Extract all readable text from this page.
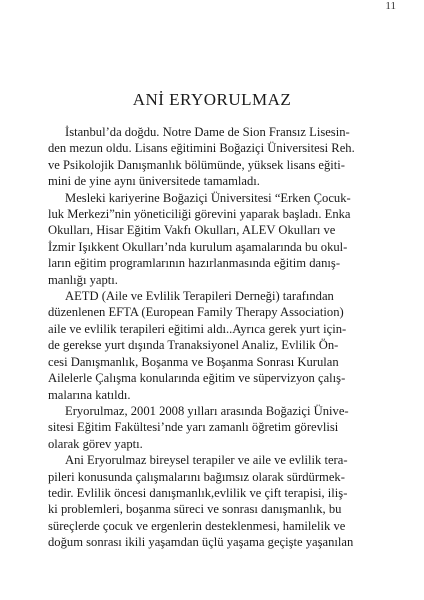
11
ANİ ERYORULMAZ
İstanbul’da doğdu. Notre Dame de Sion Fransız Lisesin-
den mezun oldu. Lisans eğitimini Boğaziçi Üniversitesi Reh.
ve Psikolojik Danışmanlık bölümünde, yüksek lisans eğiti-
mini de yine aynı üniversitede tamamladı.
Mesleki kariyerine Boğaziçi Üniversitesi “Erken Çocuk-
luk Merkezi”nin yöneticiliği görevini yaparak başladı. Enka
Okulları, Hisar Eğitim Vakfı Okulları, ALEV Okulları ve
İzmir Işıkkent Okulları’nda kurulum aşamalarında bu okul-
ların eğitim programlarının hazırlanmasında eğitim danış-
manlığı yaptı.
AETD (Aile ve Evlilik Terapileri Derneği) tarafından
düzenlenen EFTA (European Family Therapy Association)
aile ve evlilik terapileri eğitimi aldı..Ayrıca gerek yurt için-
de gerekse yurt dışında Tranaksiyonel Analiz, Evlilik Ön-
cesi Danışmanlık, Boşanma ve Boşanma Sonrası Kurulan
Ailelerle Çalışma konularında eğitim ve süpervizyon çalış-
malarına katıldı.
Eryorulmaz, 2001 2008 yılları arasında Boğaziçi Ünive-
sitesi Eğitim Fakültesi’nde yarı zamanlı öğretim görevlisi
olarak görev yaptı.
Ani Eryorulmaz bireysel terapiler ve aile ve evlilik tera-
pileri konusunda çalışmalarını bağımsız olarak sürdürmek-
tedir. Evlilik öncesi danışmanlık,evlilik ve çift terapisi, iliş-
ki problemleri, boşanma süreci ve sonrası danışmanlık, bu
süreçlerde çocuk ve ergenlerin desteklenmesi, hamilelik ve
doğum sonrası ikili yaşamdan üçlü yaşama geçişte yaşanılan
